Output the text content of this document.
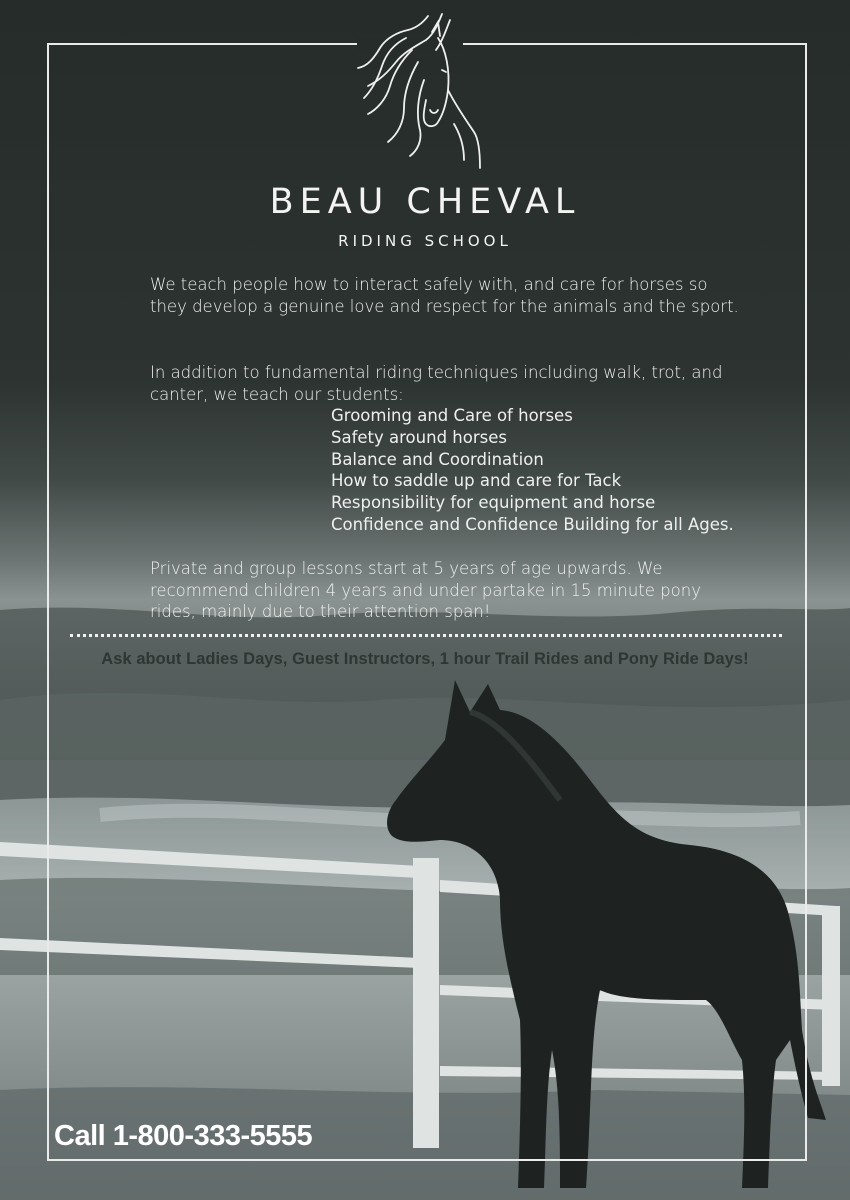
BEAU CHEVAL
RIDING SCHOOL

We teach people how to interact safely with, and care for horses so they develop a genuine love and respect for the animals and the sport.

In addition to fundamental riding techniques including walk, trot, and canter, we teach our students:

Grooming and Care of horses
Safety around horses
Balance and Coordination
How to saddle up and care for Tack
Responsibility for equipment and horse
Confidence and Confidence Building for all Ages.

Private and group lessons start at 5 years of age upwards. We recommend children 4 years and under partake in 15 minute pony rides, mainly due to their attention span!

Ask about Ladies Days, Guest Instructors, 1 hour Trail Rides and Pony Ride Days!
Call 1-800-333-5555
